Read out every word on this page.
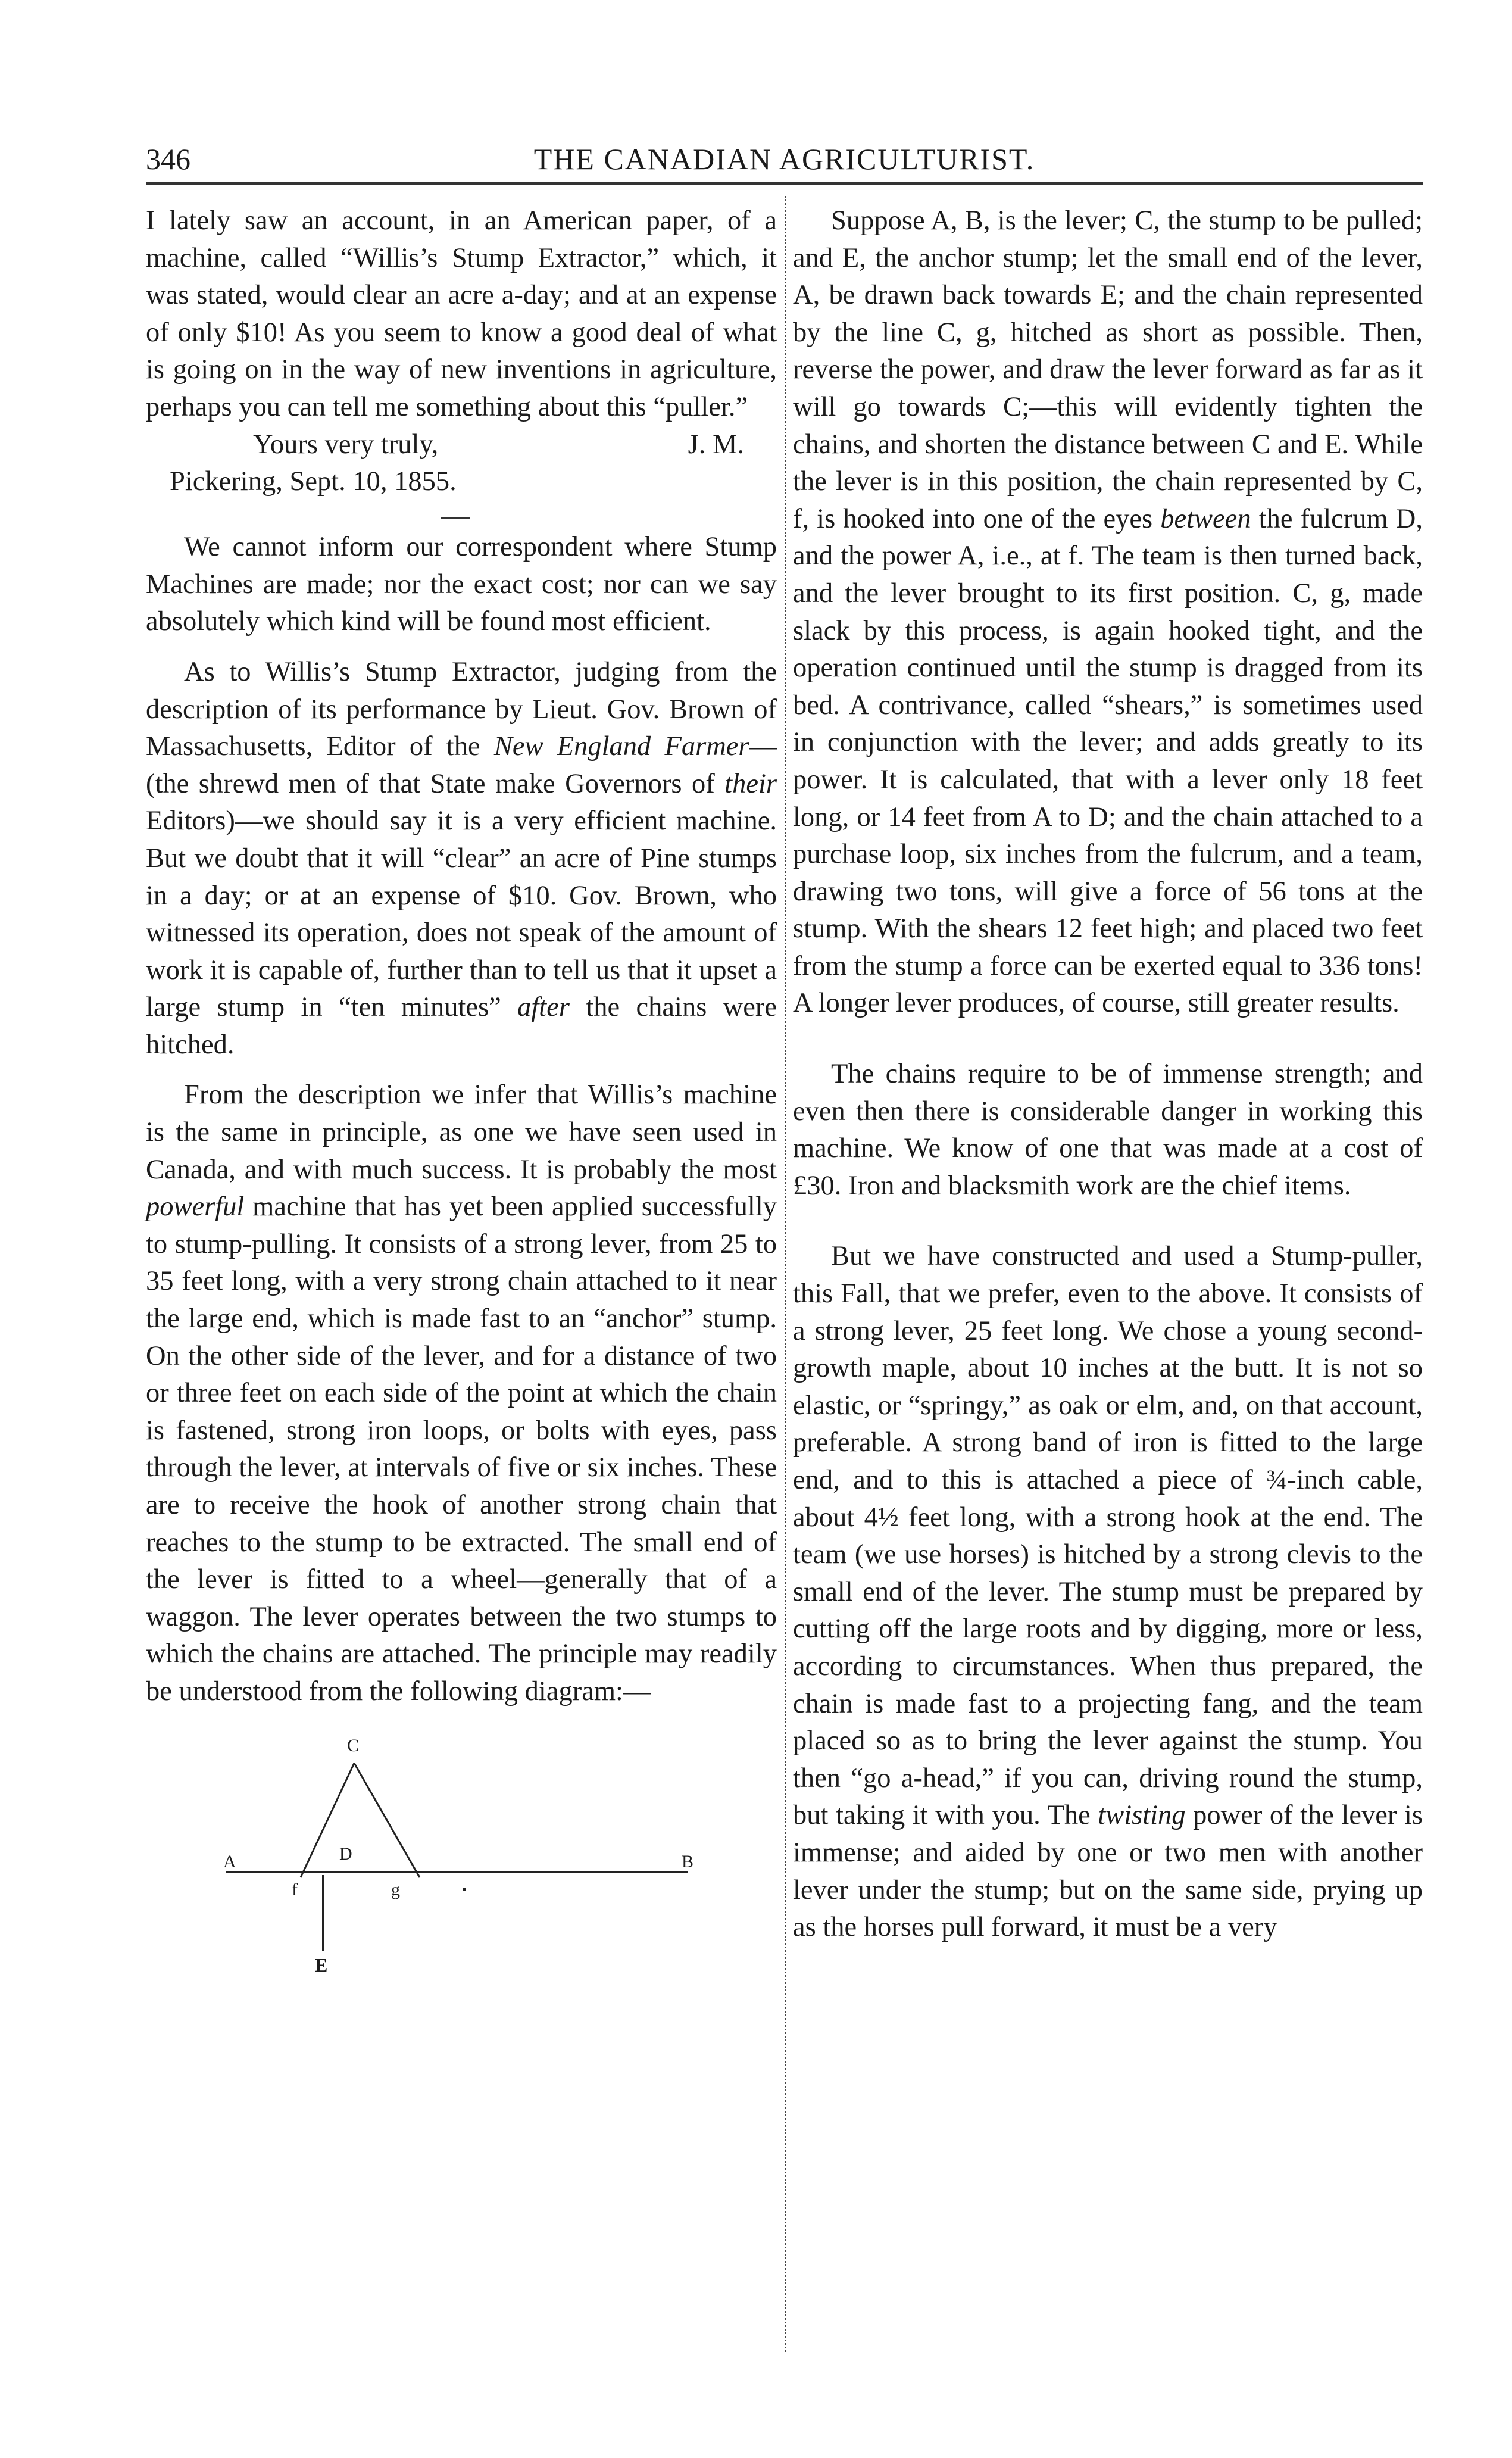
346	THE CANADIAN AGRICULTURIST.

I lately saw an account, in an American paper, of a machine, called “Willis’s Stump Extractor,” which, it was stated, would clear an acre a-day; and at an expense of only $10! As you seem to know a good deal of what is going on in the way of new inventions in agriculture, perhaps you can tell me something about this “puller.”

Yours very truly,	J. M.

Pickering, Sept. 10, 1855.

We cannot inform our correspondent where Stump Machines are made; nor the exact cost; nor can we say absolutely which kind will be found most efficient.

As to Willis’s Stump Extractor, judging from the description of its performance by Lieut. Gov. Brown of Massachusetts, Editor of the New England Farmer—(the shrewd men of that State make Governors of their Editors)—we should say it is a very efficient machine. But we doubt that it will “clear” an acre of Pine stumps in a day; or at an expense of $10. Gov. Brown, who witnessed its operation, does not speak of the amount of work it is capable of, further than to tell us that it upset a large stump in “ten minutes” after the chains were hitched.

From the description we infer that Willis’s machine is the same in principle, as one we have seen used in Canada, and with much success. It is probably the most powerful machine that has yet been applied successfully to stump-pulling. It consists of a strong lever, from 25 to 35 feet long, with a very strong chain attached to it near the large end, which is made fast to an “anchor” stump. On the other side of the lever, and for a distance of two or three feet on each side of the point at which the chain is fastened, strong iron loops, or bolts with eyes, pass through the lever, at intervals of five or six inches. These are to receive the hook of another strong chain that reaches to the stump to be extracted. The small end of the lever is fitted to a wheel—generally that of a waggon. The lever operates between the two stumps to which the chains are attached. The principle may readily be understood from the following diagram:—

C
A	B
D
f	g
E

Suppose A, B, is the lever; C, the stump to be pulled; and E, the anchor stump; let the small end of the lever, A, be drawn back towards E; and the chain represented by the line C, g, hitched as short as possible. Then, reverse the power, and draw the lever forward as far as it will go towards C;—this will evidently tighten the chains, and shorten the distance between C and E. While the lever is in this position, the chain represented by C, f, is hooked into one of the eyes between the fulcrum D, and the power A, i.e., at f. The team is then turned back, and the lever brought to its first position. C, g, made slack by this process, is again hooked tight, and the operation continued until the stump is dragged from its bed. A contrivance, called “shears,” is sometimes used in conjunction with the lever; and adds greatly to its power. It is calculated, that with a lever only 18 feet long, or 14 feet from A to D; and the chain attached to a purchase loop, six inches from the fulcrum, and a team, drawing two tons, will give a force of 56 tons at the stump. With the shears 12 feet high; and placed two feet from the stump a force can be exerted equal to 336 tons! A longer lever produces, of course, still greater results.

The chains require to be of immense strength; and even then there is considerable danger in working this machine. We know of one that was made at a cost of £30. Iron and blacksmith work are the chief items.

But we have constructed and used a Stump-puller, this Fall, that we prefer, even to the above. It consists of a strong lever, 25 feet long. We chose a young second-growth maple, about 10 inches at the butt. It is not so elastic, or “springy,” as oak or elm, and, on that account, preferable. A strong band of iron is fitted to the large end, and to this is attached a piece of ¾-inch cable, about 4½ feet long, with a strong hook at the end. The team (we use horses) is hitched by a strong clevis to the small end of the lever. The stump must be prepared by cutting off the large roots and by digging, more or less, according to circumstances. When thus prepared, the chain is made fast to a projecting fang, and the team placed so as to bring the lever against the stump. You then “go a-head,” if you can, driving round the stump, but taking it with you. The twisting power of the lever is immense; and aided by one or two men with another lever under the stump; but on the same side, prying up as the horses pull forward, it must be a very
